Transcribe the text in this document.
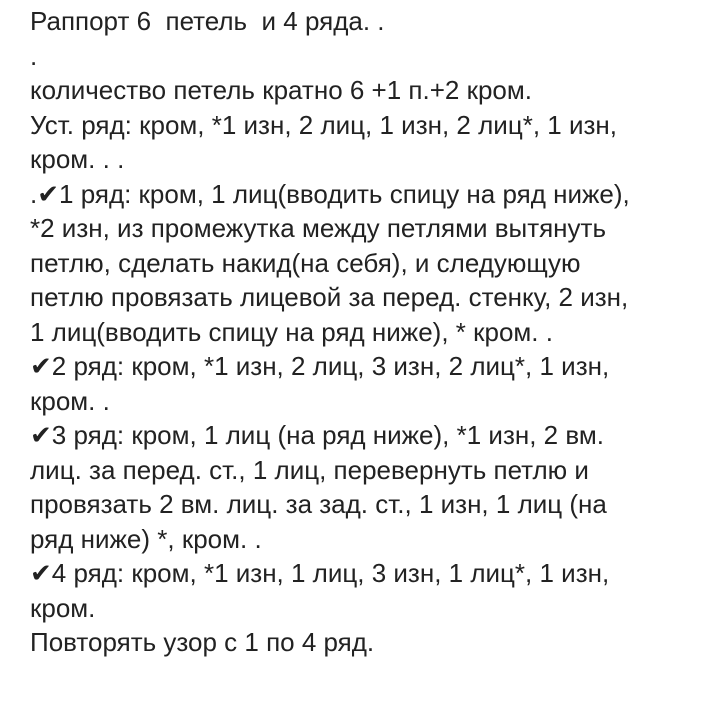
Раппорт 6  петель  и 4 ряда. .
.
количество петель кратно 6 +1 п.+2 кром.
Уст. ряд: кром, *1 изн, 2 лиц, 1 изн, 2 лиц*, 1 изн,
кром. . .
.✔1 ряд: кром, 1 лиц(вводить спицу на ряд ниже),
*2 изн, из промежутка между петлями вытянуть
петлю, сделать накид(на себя), и следующую
петлю провязать лицевой за перед. стенку, 2 изн,
1 лиц(вводить спицу на ряд ниже), * кром. .
✔2 ряд: кром, *1 изн, 2 лиц, 3 изн, 2 лиц*, 1 изн,
кром. .
✔3 ряд: кром, 1 лиц (на ряд ниже), *1 изн, 2 вм.
лиц. за перед. ст., 1 лиц, перевернуть петлю и
провязать 2 вм. лиц. за зад. ст., 1 изн, 1 лиц (на
ряд ниже) *, кром. .
✔4 ряд: кром, *1 изн, 1 лиц, 3 изн, 1 лиц*, 1 изн,
кром.
Повторять узор с 1 по 4 ряд.
